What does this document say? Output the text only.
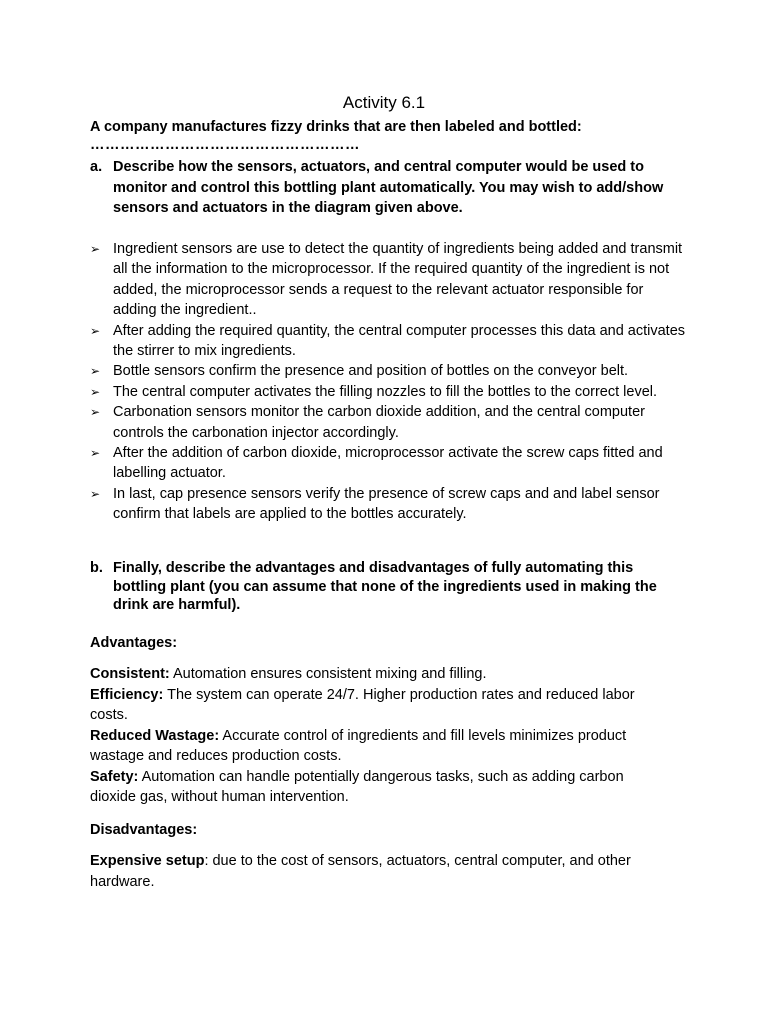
Activity 6.1

A company manufactures fizzy drinks that are then labeled and bottled:

………………………………………………

a. Describe how the sensors, actuators, and central computer would be used to monitor and control this bottling plant automatically. You may wish to add/show sensors and actuators in the diagram given above.
➢ Ingredient sensors are use to detect the quantity of ingredients being added and transmit all the information to the microprocessor. If the required quantity of the ingredient is not added, the microprocessor sends a request to the relevant actuator responsible for adding the ingredient..
➢ After adding the required quantity, the central computer processes this data and activates the stirrer to mix ingredients.
➢ Bottle sensors confirm the presence and position of bottles on the conveyor belt.
➢ The central computer activates the filling nozzles to fill the bottles to the correct level.
➢ Carbonation sensors monitor the carbon dioxide addition, and the central computer controls the carbonation injector accordingly.
➢ After the addition of carbon dioxide, microprocessor activate the screw caps fitted and labelling actuator.
➢ In last, cap presence sensors verify the presence of screw caps and and label sensor confirm that labels are applied to the bottles accurately.
b. Finally, describe the advantages and disadvantages of fully automating this bottling plant (you can assume that none of the ingredients used in making the drink are harmful).

Advantages:

Consistent: Automation ensures consistent mixing and filling.

Efficiency: The system can operate 24/7. Higher production rates and reduced labor costs.

Reduced Wastage: Accurate control of ingredients and fill levels minimizes product wastage and reduces production costs.

Safety: Automation can handle potentially dangerous tasks, such as adding carbon dioxide gas, without human intervention.

Disadvantages:

Expensive setup: due to the cost of sensors, actuators, central computer, and other hardware.
